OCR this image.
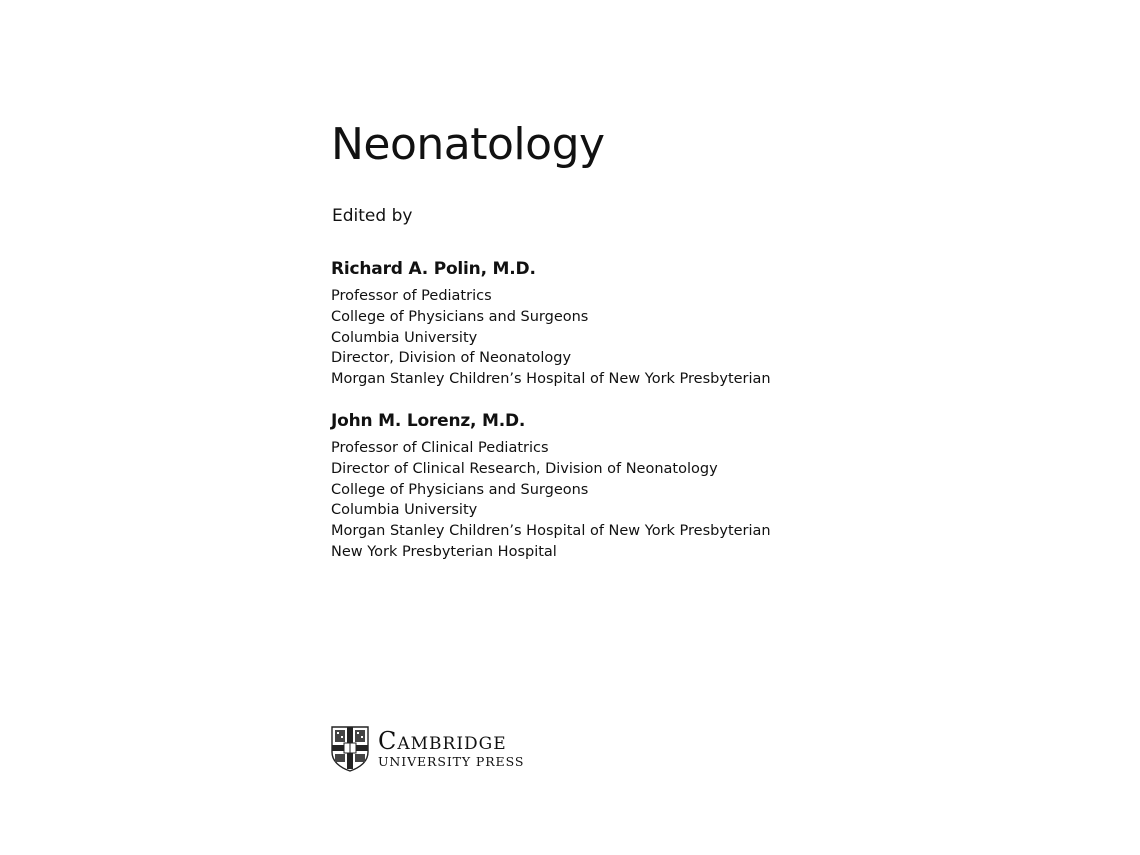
Neonatology
Edited by
Richard A. Polin, M.D.
Professor of Pediatrics
College of Physicians and Surgeons
Columbia University
Director, Division of Neonatology
Morgan Stanley Children’s Hospital of New York Presbyterian
John M. Lorenz, M.D.
Professor of Clinical Pediatrics
Director of Clinical Research, Division of Neonatology
College of Physicians and Surgeons
Columbia University
Morgan Stanley Children’s Hospital of New York Presbyterian
New York Presbyterian Hospital
Cambridge
UNIVERSITY PRESS
